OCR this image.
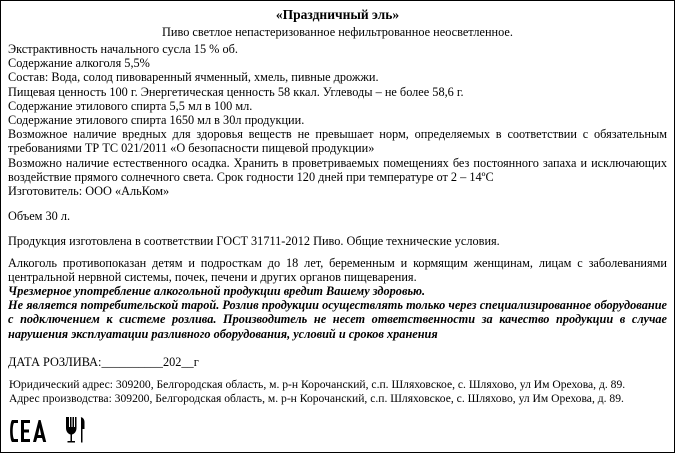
«Праздничный эль»
Пиво светлое непастеризованное нефильтрованное неосветленное.

Экстрактивность начального сусла 15 % об.

Содержание алкоголя 5,5%

Состав: Вода, солод пивоваренный ячменный, хмель, пивные дрожжи.

Пищевая ценность 100 г. Энергетическая ценность 58 ккал. Углеводы – не более 58,6 г.

Содержание этилового спирта 5,5 мл в 100 мл.

Содержание этилового спирта 1650 мл в 30л продукции.

Возможное наличие вредных для здоровья веществ не превышает норм, определяемых в соответствии с обязательным требованиями ТР ТС 021/2011 «О безопасности пищевой продукции»

Возможно наличие естественного осадка. Хранить в проветриваемых помещениях без постоянного запаха и исключающих воздействие прямого солнечного света. Срок годности 120 дней при температуре от 2 – 14ºС

Изготовитель: ООО «АльКом»

Объем 30 л.

Продукция изготовлена в соответствии ГОСТ 31711-2012 Пиво. Общие технические условия.

Алкоголь противопоказан детям и подросткам до 18 лет, беременным и кормящим женщинам, лицам с заболеваниями центральной нервной системы, почек, печени и других органов пищеварения.

Чрезмерное употребление алкогольной продукции вредит Вашему здоровью.

Не является потребительской тарой. Розлив продукции осуществлять только через специализированное оборудование с подключением к системе розлива. Производитель не несет ответственности за качество продукции в случае нарушения эксплуатации разливного оборудования, условий и сроков хранения

ДАТА РОЗЛИВА:__________202__г

Юридический адрес: 309200, Белгородская область, м. р-н Корочанский, с.п. Шляховское, с. Шляхово, ул Им Орехова, д. 89.

Адрес производства: 309200, Белгородская область, м. р-н Корочанский, с.п. Шляховское, с. Шляхово, ул Им Орехова, д. 89.
